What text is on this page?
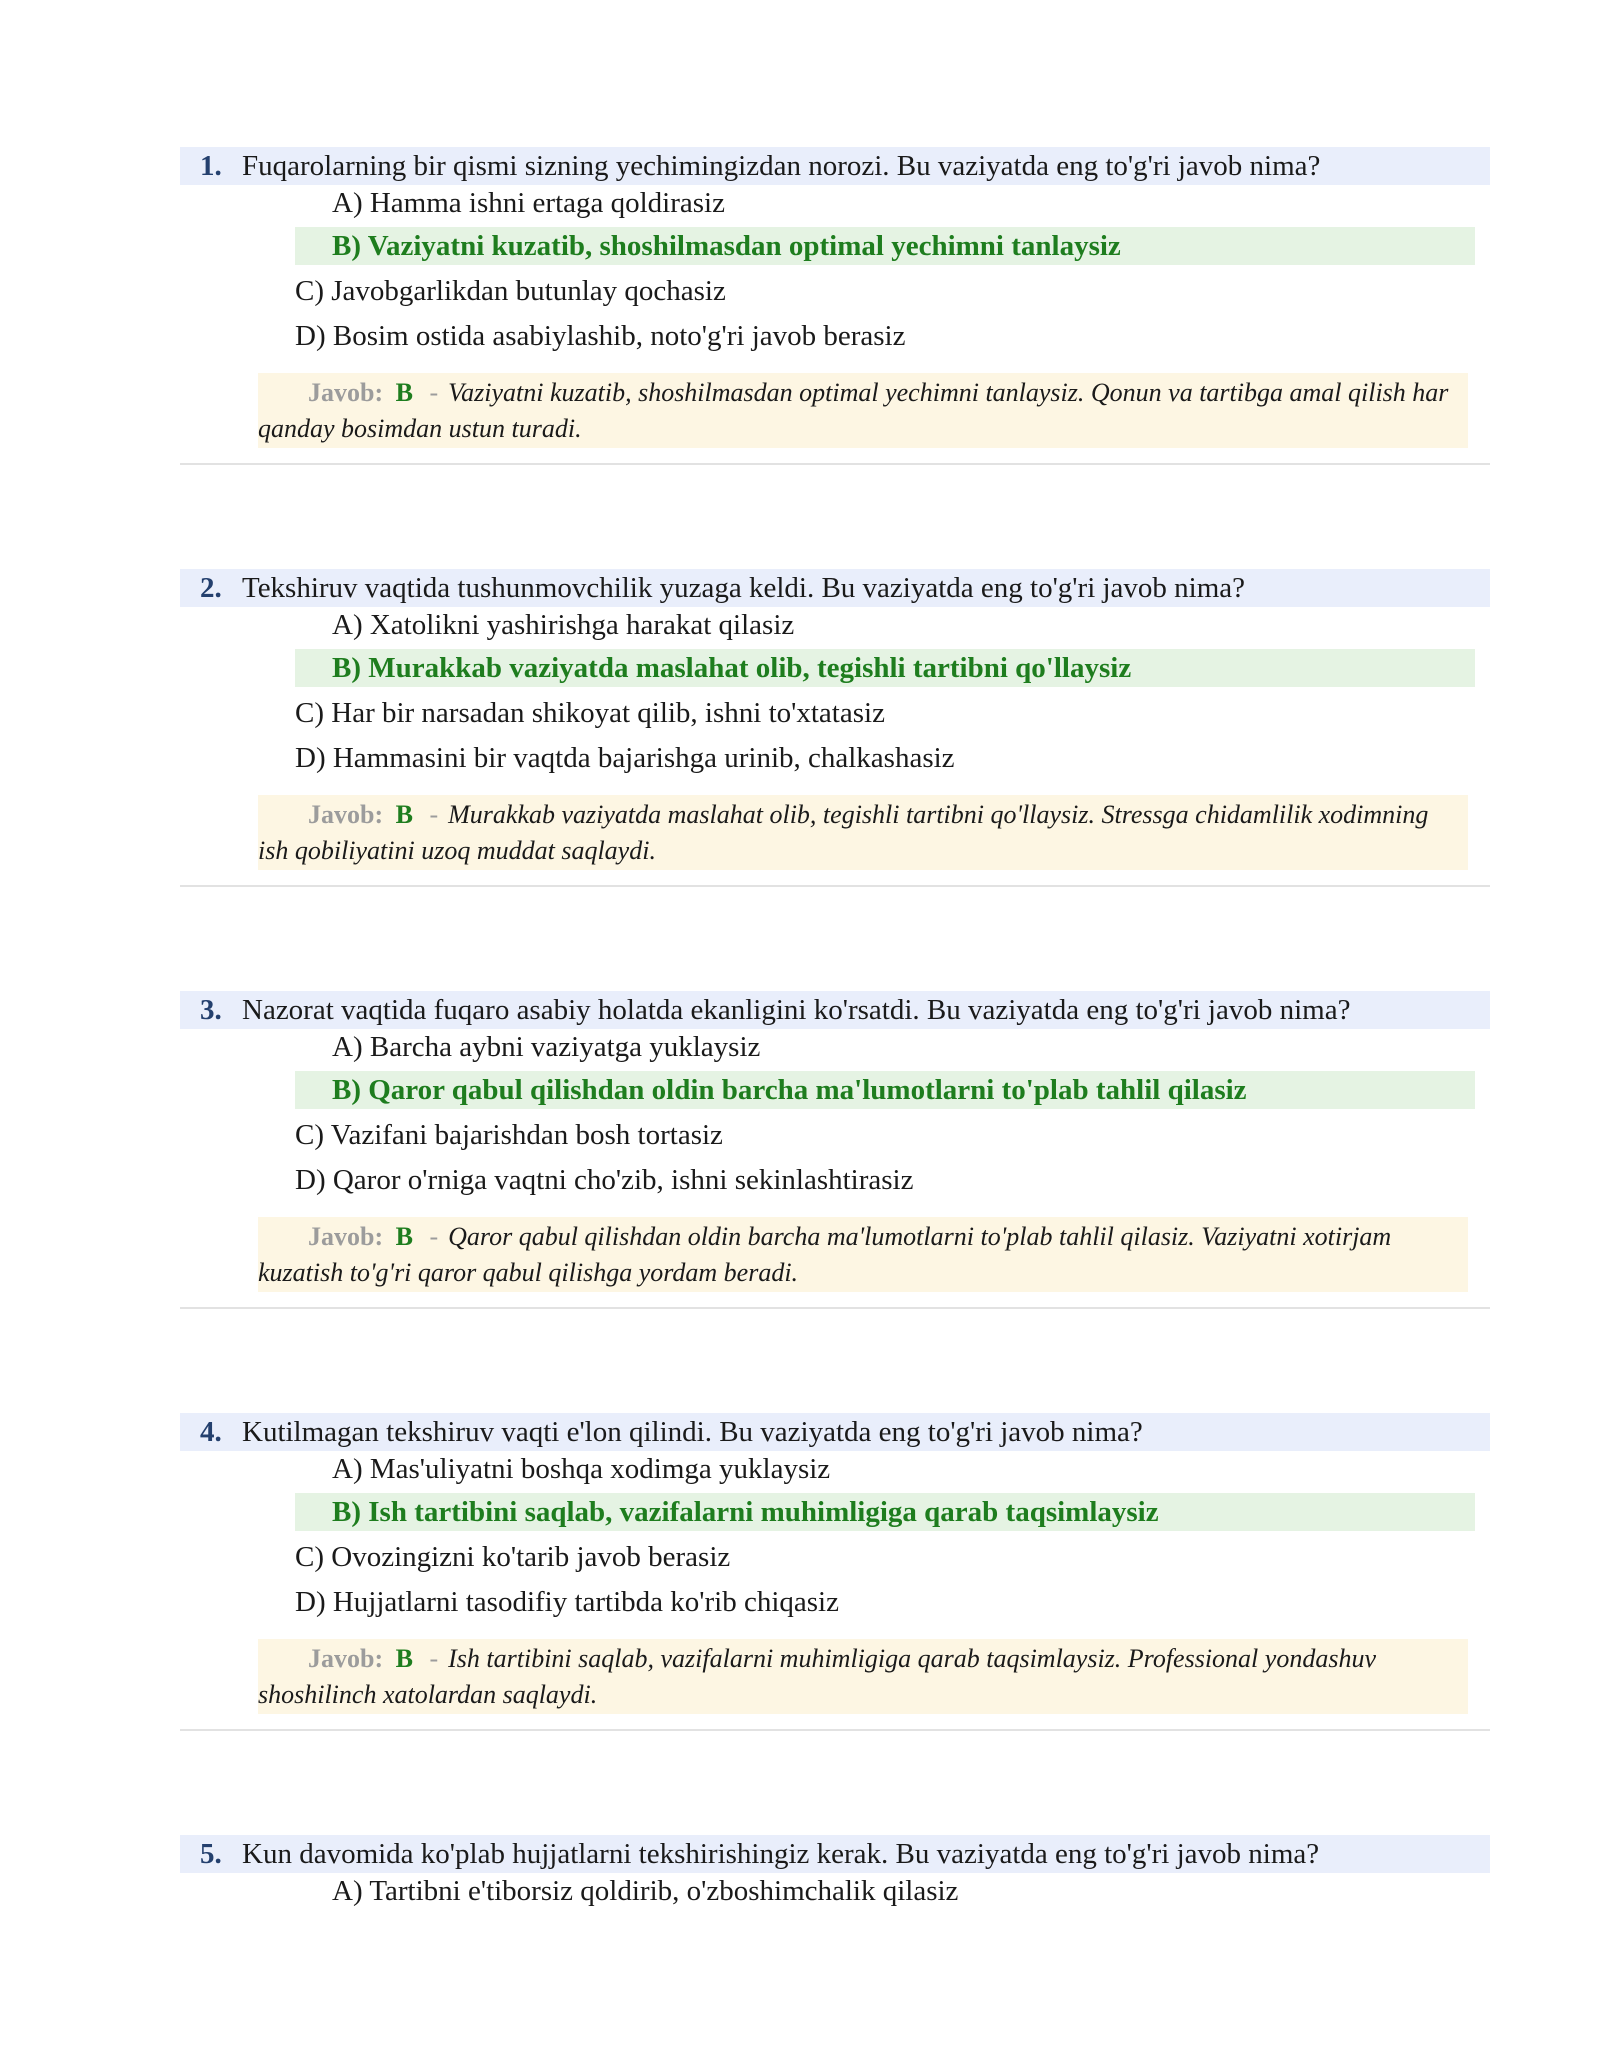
1. Fuqarolarning bir qismi sizning yechimingizdan norozi. Bu vaziyatda eng to'g'ri javob nima?
A) Hamma ishni ertaga qoldirasiz
B) Vaziyatni kuzatib, shoshilmasdan optimal yechimni tanlaysiz
C) Javobgarlikdan butunlay qochasiz
D) Bosim ostida asabiylashib, noto'g'ri javob berasiz
Javob: B - Vaziyatni kuzatib, shoshilmasdan optimal yechimni tanlaysiz. Qonun va tartibga amal qilish har qanday bosimdan ustun turadi.
2. Tekshiruv vaqtida tushunmovchilik yuzaga keldi. Bu vaziyatda eng to'g'ri javob nima?
A) Xatolikni yashirishga harakat qilasiz
B) Murakkab vaziyatda maslahat olib, tegishli tartibni qo'llaysiz
C) Har bir narsadan shikoyat qilib, ishni to'xtatasiz
D) Hammasini bir vaqtda bajarishga urinib, chalkashasiz
Javob: B - Murakkab vaziyatda maslahat olib, tegishli tartibni qo'llaysiz. Stressga chidamlilik xodimning ish qobiliyatini uzoq muddat saqlaydi.
3. Nazorat vaqtida fuqaro asabiy holatda ekanligini ko'rsatdi. Bu vaziyatda eng to'g'ri javob nima?
A) Barcha aybni vaziyatga yuklaysiz
B) Qaror qabul qilishdan oldin barcha ma'lumotlarni to'plab tahlil qilasiz
C) Vazifani bajarishdan bosh tortasiz
D) Qaror o'rniga vaqtni cho'zib, ishni sekinlashtirasiz
Javob: B - Qaror qabul qilishdan oldin barcha ma'lumotlarni to'plab tahlil qilasiz. Vaziyatni xotirjam kuzatish to'g'ri qaror qabul qilishga yordam beradi.
4. Kutilmagan tekshiruv vaqti e'lon qilindi. Bu vaziyatda eng to'g'ri javob nima?
A) Mas'uliyatni boshqa xodimga yuklaysiz
B) Ish tartibini saqlab, vazifalarni muhimligiga qarab taqsimlaysiz
C) Ovozingizni ko'tarib javob berasiz
D) Hujjatlarni tasodifiy tartibda ko'rib chiqasiz
Javob: B - Ish tartibini saqlab, vazifalarni muhimligiga qarab taqsimlaysiz. Professional yondashuv shoshilinch xatolardan saqlaydi.
5. Kun davomida ko'plab hujjatlarni tekshirishingiz kerak. Bu vaziyatda eng to'g'ri javob nima?
A) Tartibni e'tiborsiz qoldirib, o'zboshimchalik qilasiz
